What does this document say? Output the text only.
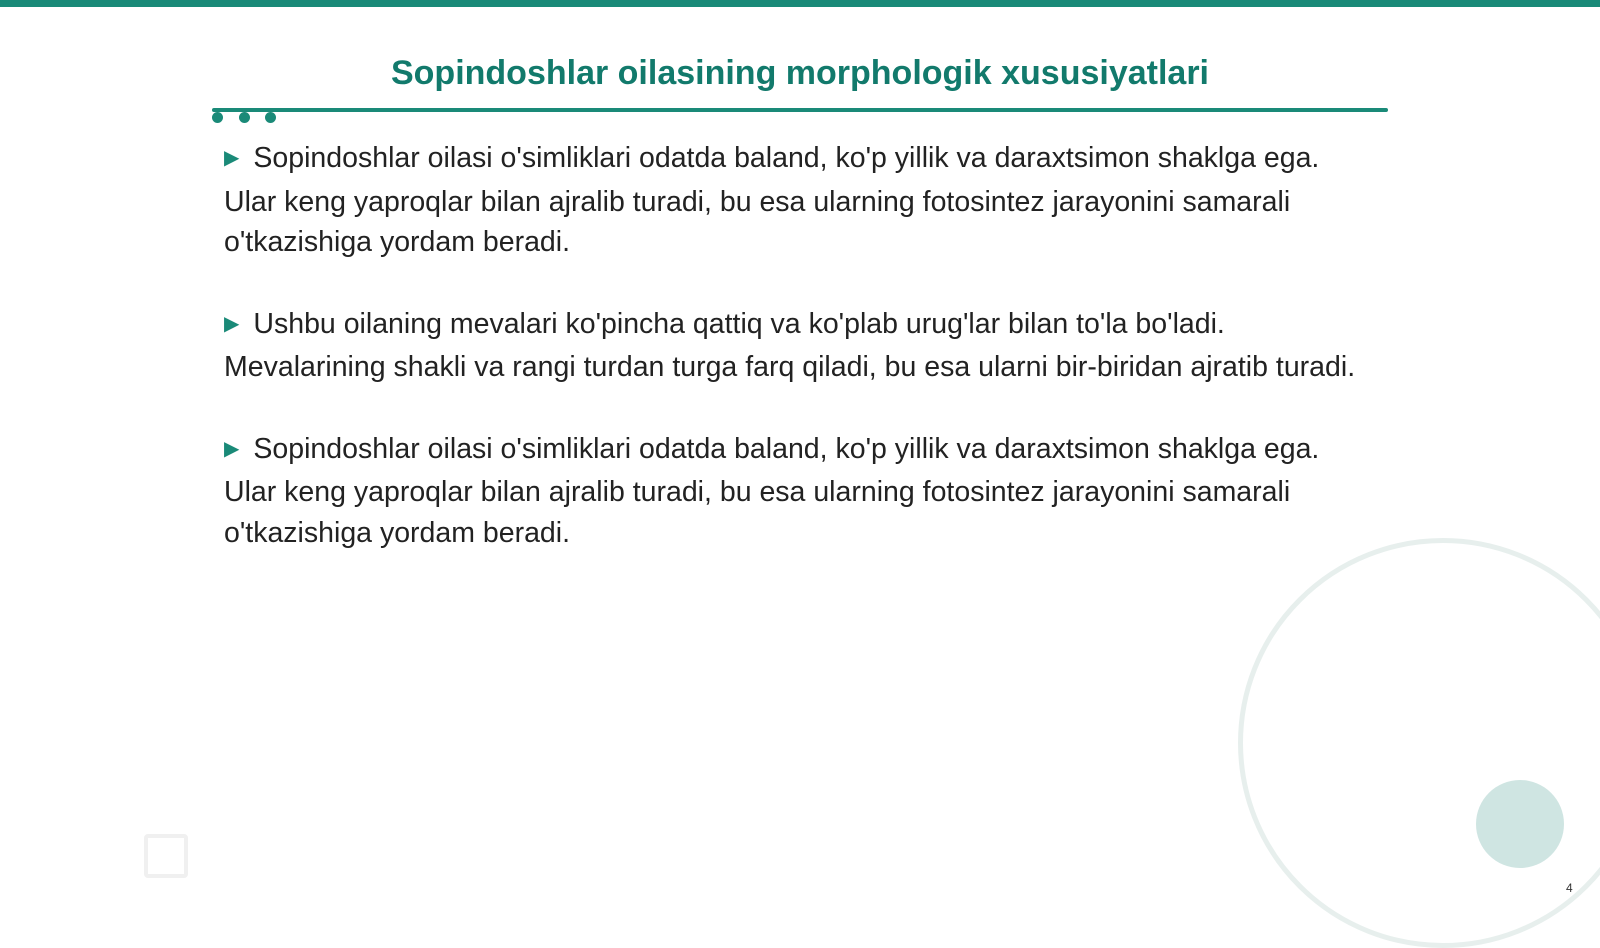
Sopindoshlar oilasining morphologik xususiyatlari

▶ Sopindoshlar oilasi o'simliklari odatda baland, ko'p yillik va daraxtsimon shaklga ega. Ular keng yaproqlar bilan ajralib turadi, bu esa ularning fotosintez jarayonini samarali o'tkazishiga yordam beradi.

▶ Ushbu oilaning mevalari ko'pincha qattiq va ko'plab urug'lar bilan to'la bo'ladi. Mevalarining shakli va rangi turdan turga farq qiladi, bu esa ularni bir-biridan ajratib turadi.

▶ Sopindoshlar oilasi o'simliklari odatda baland, ko'p yillik va daraxtsimon shaklga ega. Ular keng yaproqlar bilan ajralib turadi, bu esa ularning fotosintez jarayonini samarali o'tkazishiga yordam beradi.

4
